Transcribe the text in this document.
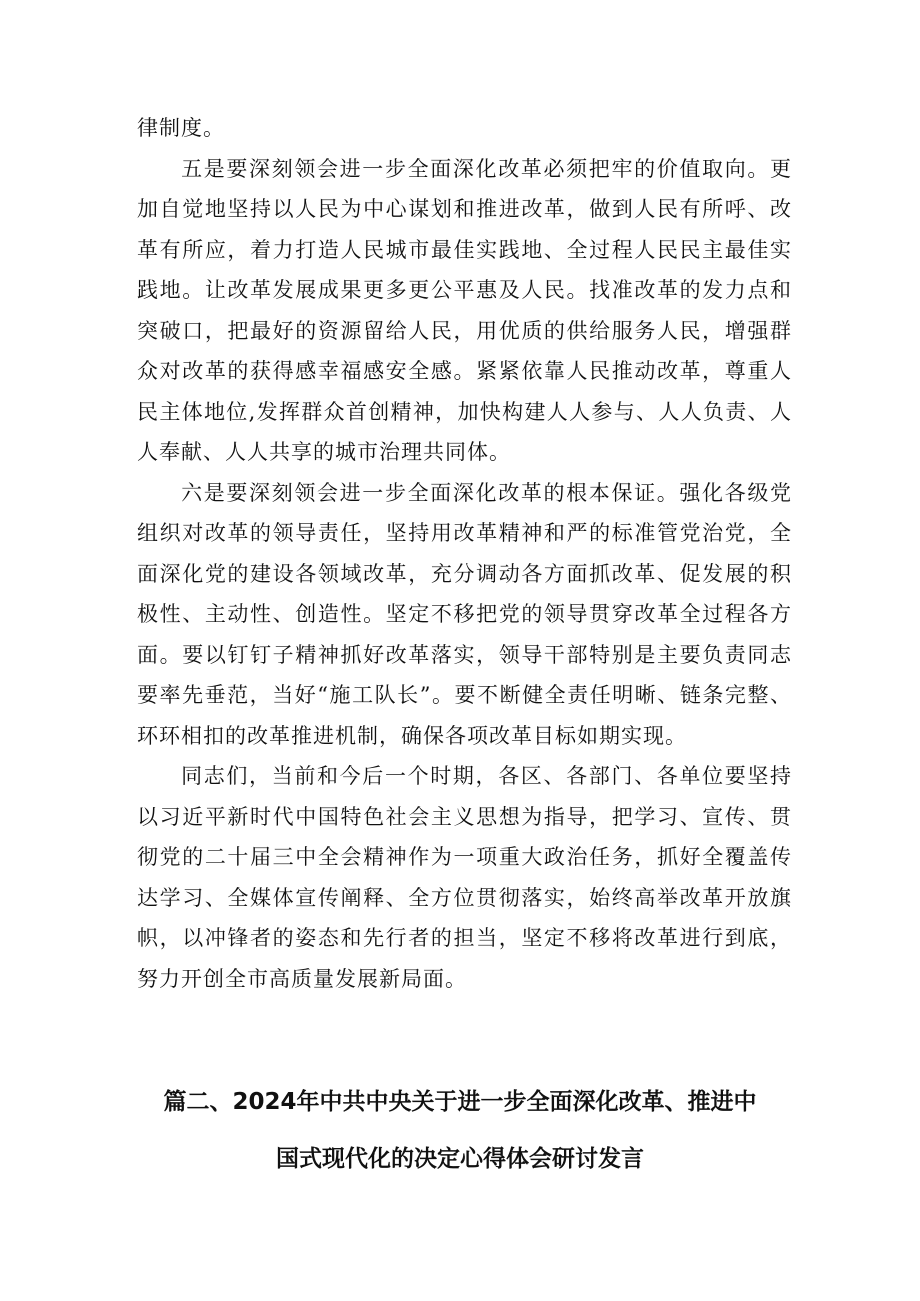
律制度。

五是要深刻领会进一步全面深化改革必须把牢的价值取向。更加自觉地坚持以人民为中心谋划和推进改革，做到人民有所呼、改革有所应，着力打造人民城市最佳实践地、全过程人民民主最佳实践地。让改革发展成果更多更公平惠及人民。找准改革的发力点和突破口，把最好的资源留给人民，用优质的供给服务人民，增强群众对改革的获得感幸福感安全感。紧紧依靠人民推动改革，尊重人民主体地位,发挥群众首创精神，加快构建人人参与、人人负责、人人奉献、人人共享的城市治理共同体。

六是要深刻领会进一步全面深化改革的根本保证。强化各级党组织对改革的领导责任，坚持用改革精神和严的标准管党治党，全面深化党的建设各领域改革，充分调动各方面抓改革、促发展的积极性、主动性、创造性。坚定不移把党的领导贯穿改革全过程各方面。要以钉钉子精神抓好改革落实，领导干部特别是主要负责同志要率先垂范，当好“施工队长”。要不断健全责任明晰、链条完整、环环相扣的改革推进机制，确保各项改革目标如期实现。

同志们，当前和今后一个时期，各区、各部门、各单位要坚持以习近平新时代中国特色社会主义思想为指导，把学习、宣传、贯彻党的二十届三中全会精神作为一项重大政治任务，抓好全覆盖传达学习、全媒体宣传阐释、全方位贯彻落实，始终高举改革开放旗帜，以冲锋者的姿态和先行者的担当，坚定不移将改革进行到底，努力开创全市高质量发展新局面。

篇二、2024年中共中央关于进一步全面深化改革、推进中
国式现代化的决定心得体会研讨发言
